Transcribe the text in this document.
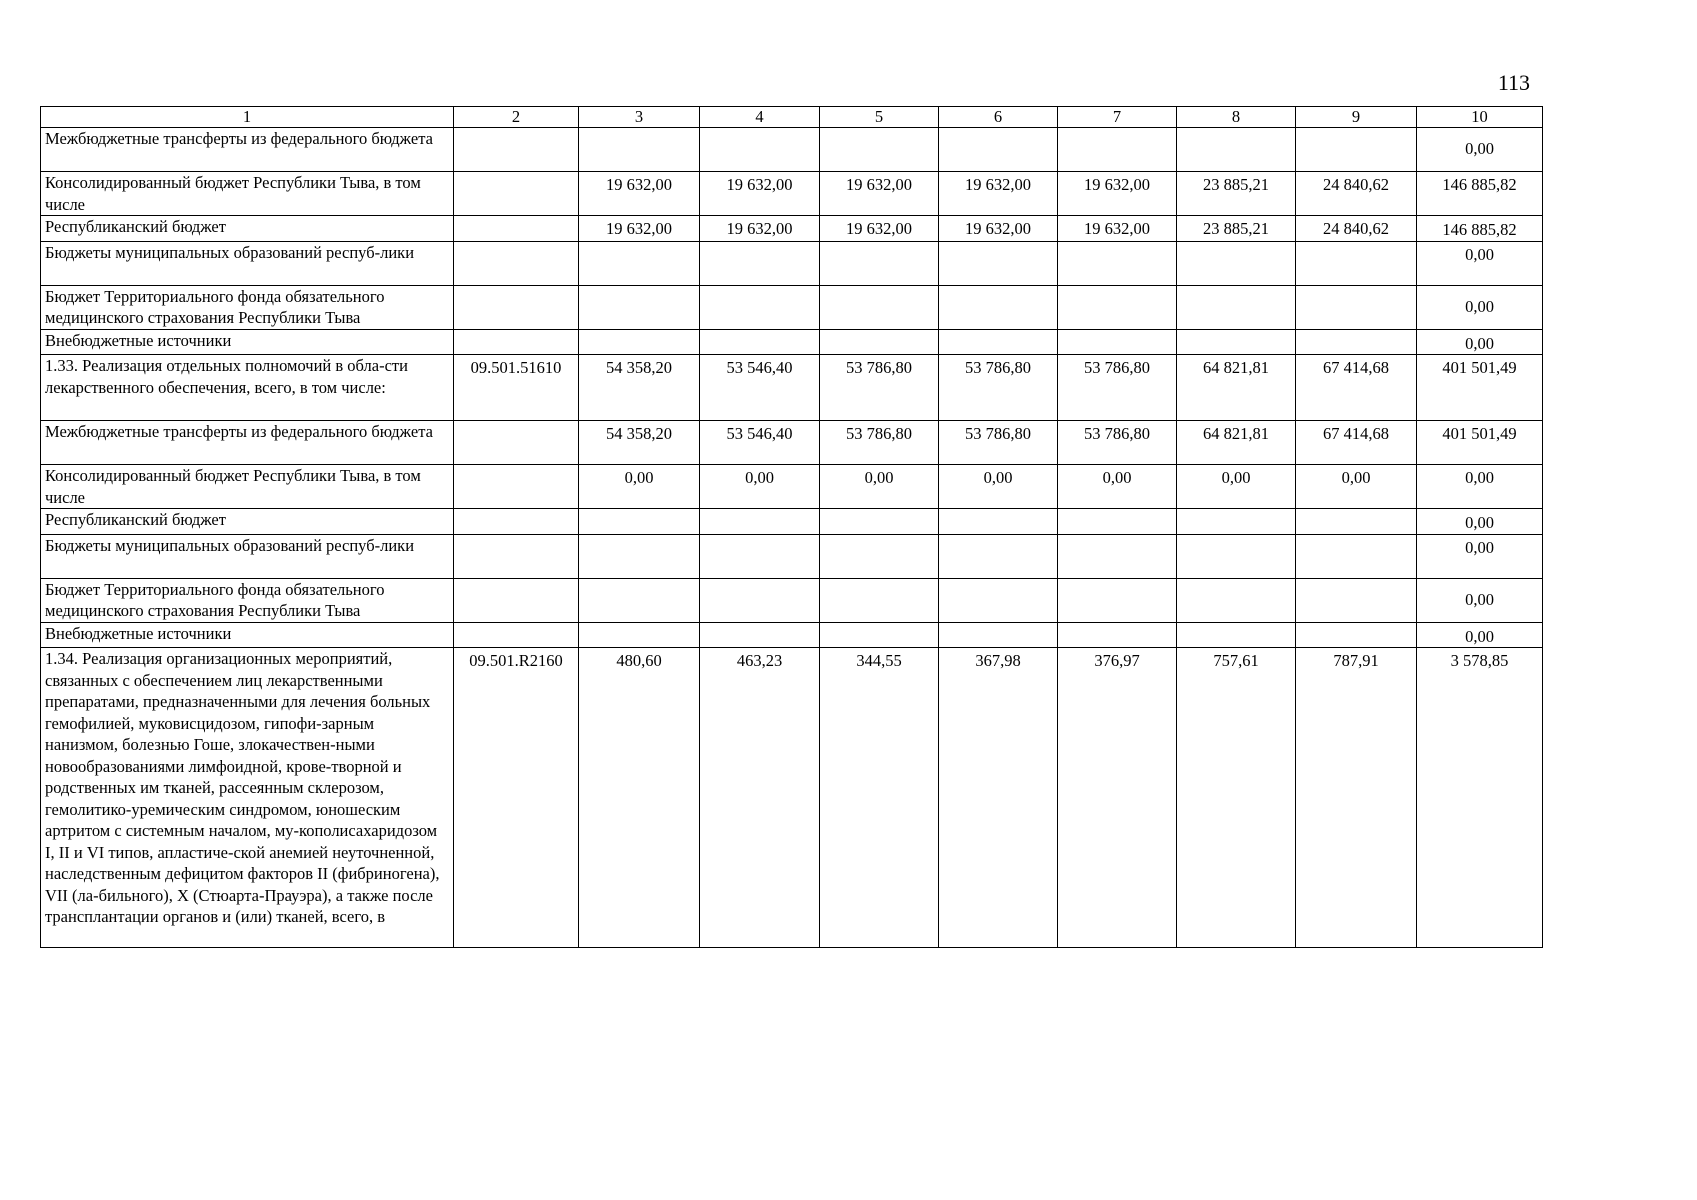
113
1	2	3	4	5	6	7	8	9	10
Межбюджетные трансферты из федерального бюджета									0,00
Консолидированный бюджет Республики Тыва, в том числе		19 632,00	19 632,00	19 632,00	19 632,00	19 632,00	23 885,21	24 840,62	146 885,82
Республиканский бюджет		19 632,00	19 632,00	19 632,00	19 632,00	19 632,00	23 885,21	24 840,62	146 885,82
Бюджеты муниципальных образований респуб-лики									0,00
Бюджет Территориального фонда обязательного медицинского страхования Республики Тыва									0,00
Внебюджетные источники									0,00
1.33. Реализация отдельных полномочий в обла-сти лекарственного обеспечения, всего, в том числе:	09.501.51610	54 358,20	53 546,40	53 786,80	53 786,80	53 786,80	64 821,81	67 414,68	401 501,49
Межбюджетные трансферты из федерального бюджета		54 358,20	53 546,40	53 786,80	53 786,80	53 786,80	64 821,81	67 414,68	401 501,49
Консолидированный бюджет Республики Тыва, в том числе		0,00	0,00	0,00	0,00	0,00	0,00	0,00	0,00
Республиканский бюджет									0,00
Бюджеты муниципальных образований респуб-лики									0,00
Бюджет Территориального фонда обязательного медицинского страхования Республики Тыва									0,00
Внебюджетные источники									0,00
1.34. Реализация организационных мероприятий, связанных с обеспечением лиц лекарственными препаратами, предназначенными для лечения больных гемофилией, муковисцидозом, гипофи-зарным нанизмом, болезнью Гоше, злокачествен-ными новообразованиями лимфоидной, крове-творной и родственных им тканей, рассеянным склерозом, гемолитико-уремическим синдромом, юношеским артритом с системным началом, му-кополисахаридозом I, II и VI типов, апластиче-ской анемией неуточненной, наследственным дефицитом факторов II (фибриногена), VII (ла-бильного), X (Стюарта-Прауэра), а также после трансплантации органов и (или) тканей, всего, в	09.501.R2160	480,60	463,23	344,55	367,98	376,97	757,61	787,91	3 578,85
